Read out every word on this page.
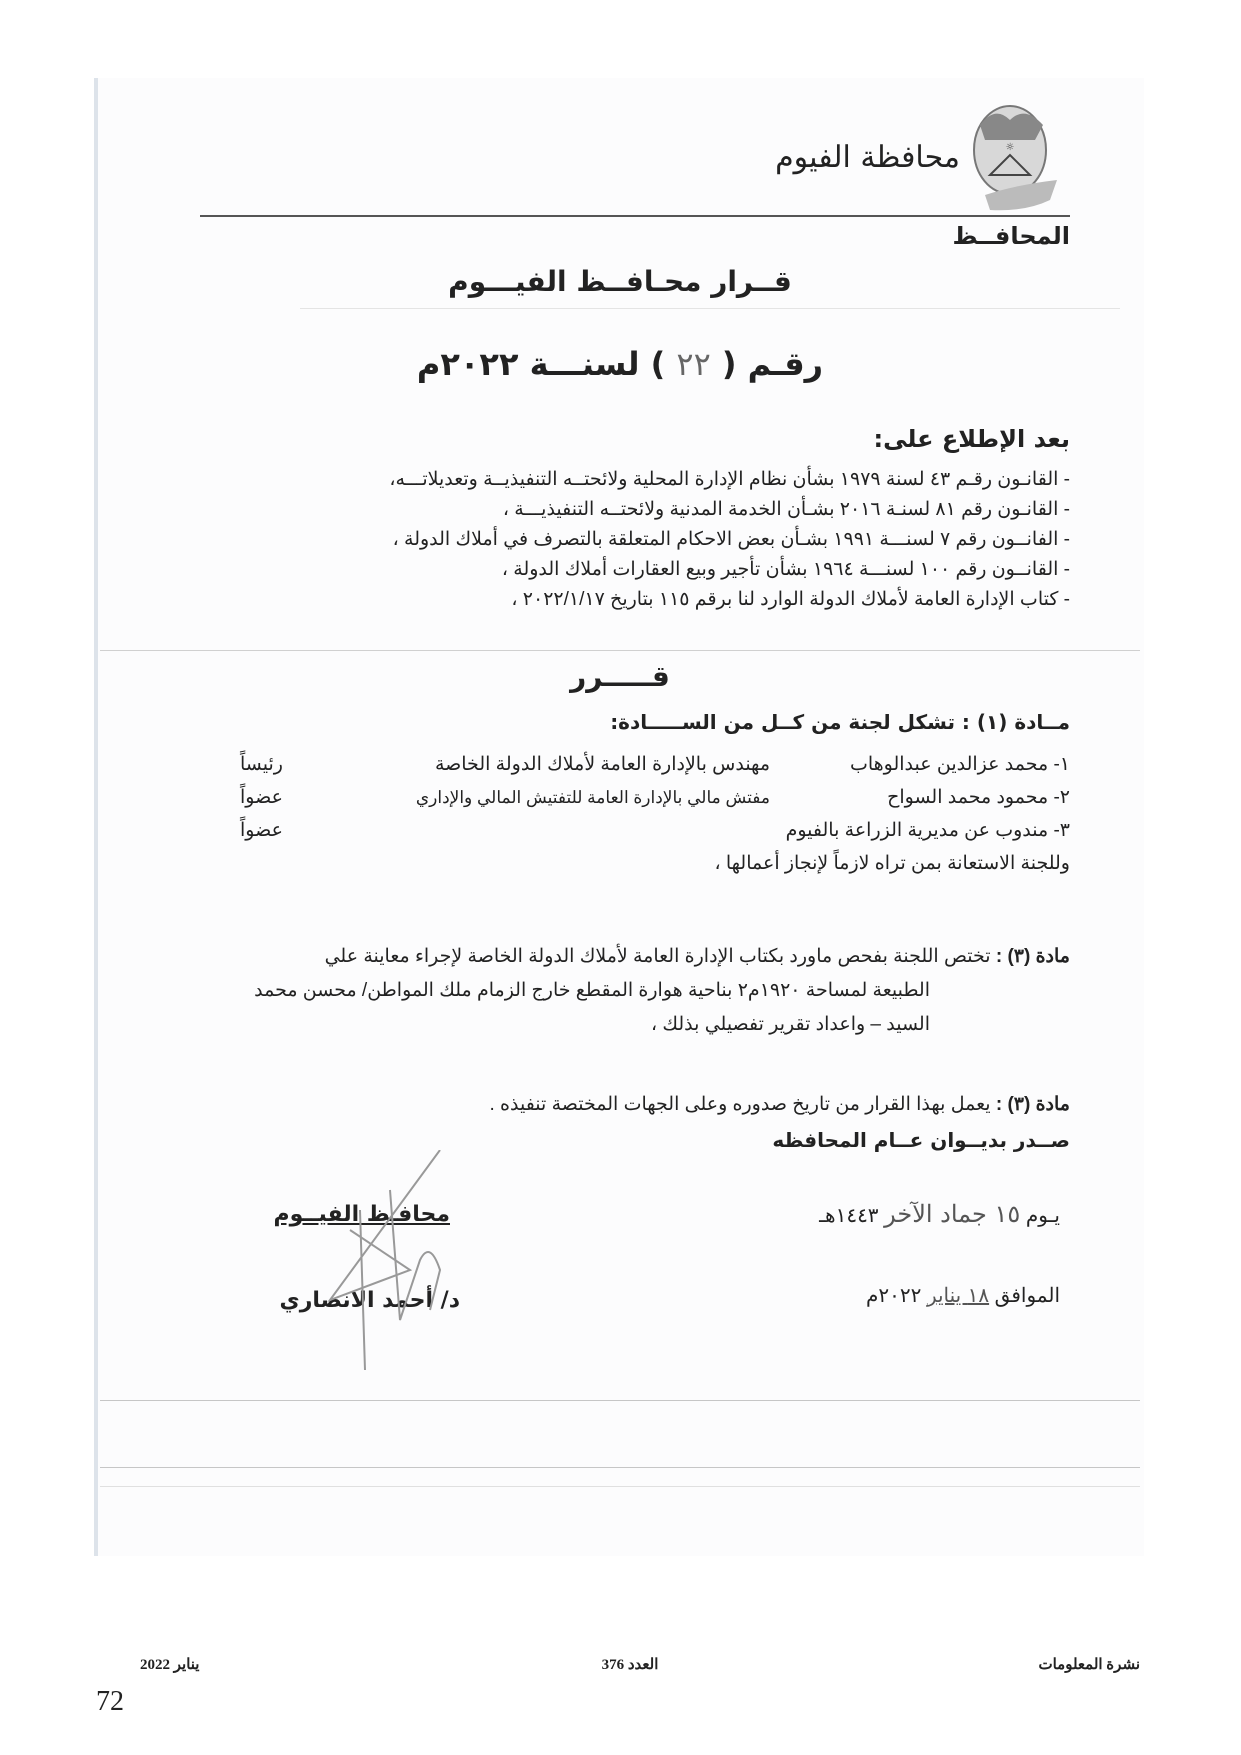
☼
محافظة الفيوم
المحافــظ
قــرار محـافــظ الفيـــوم
رقـم ( ٢٢ ) لسنـــة ٢٠٢٢م
بعد الإطلاع على:
- القانـون رقـم ٤٣ لسنة ١٩٧٩ بشأن نظام الإدارة المحلية ولائحتــه التنفيذيــة وتعديلاتـــه،
- القانـون رقم ٨١ لسنـة ٢٠١٦ بشـأن الخدمة المدنية ولائحتــه التنفيذيـــة ،
- الفانــون رقم ٧ لسنـــة ١٩٩١ بشـأن بعض الاحكام المتعلقة بالتصرف في أملاك الدولة ،
- القانــون رقم ١٠٠ لسنـــة ١٩٦٤ بشأن تأجير وبيع العقارات أملاك الدولة ،
- كتاب الإدارة العامة لأملاك الدولة الوارد لنا برقم ١١٥ بتاريخ ٢٠٢٢/١/١٧ ،
قـــــرر
مــادة (١) : تشكل لجنة من كــل من الســـــادة:
١- محمد عزالدين عبدالوهاب
مهندس بالإدارة العامة لأملاك الدولة الخاصة
رئيساً
٢- محمود محمد السواح
مفتش مالي بالإدارة العامة للتفتيش المالي والإداري
عضواً
٣- مندوب عن مديرية الزراعة بالفيوم
عضواً
وللجنة الاستعانة بمن تراه لازماً لإنجاز أعمالها ،
مادة (٣) : تختص اللجنة بفحص ماورد بكتاب الإدارة العامة لأملاك الدولة الخاصة لإجراء معاينة علي
الطبيعة لمساحة ١٩٢٠م٢ بناحية هوارة المقطع خارج الزمام ملك المواطن/ محسن محمد
السيد – واعداد تقرير تفصيلي بذلك ،
مادة (٣) : يعمل بهذا القرار من تاريخ صدوره وعلى الجهات المختصة تنفيذه .
صــدر بديــوان عــام المحافظه
يـوم ١٥ جماد الآخر ١٤٤٣هـ
الموافق ١٨ يناير ٢٠٢٢م
محافـظ الفيــوم
د/ أحمد الانصاري
نشرة المعلومات
العدد 376
يناير 2022
72
